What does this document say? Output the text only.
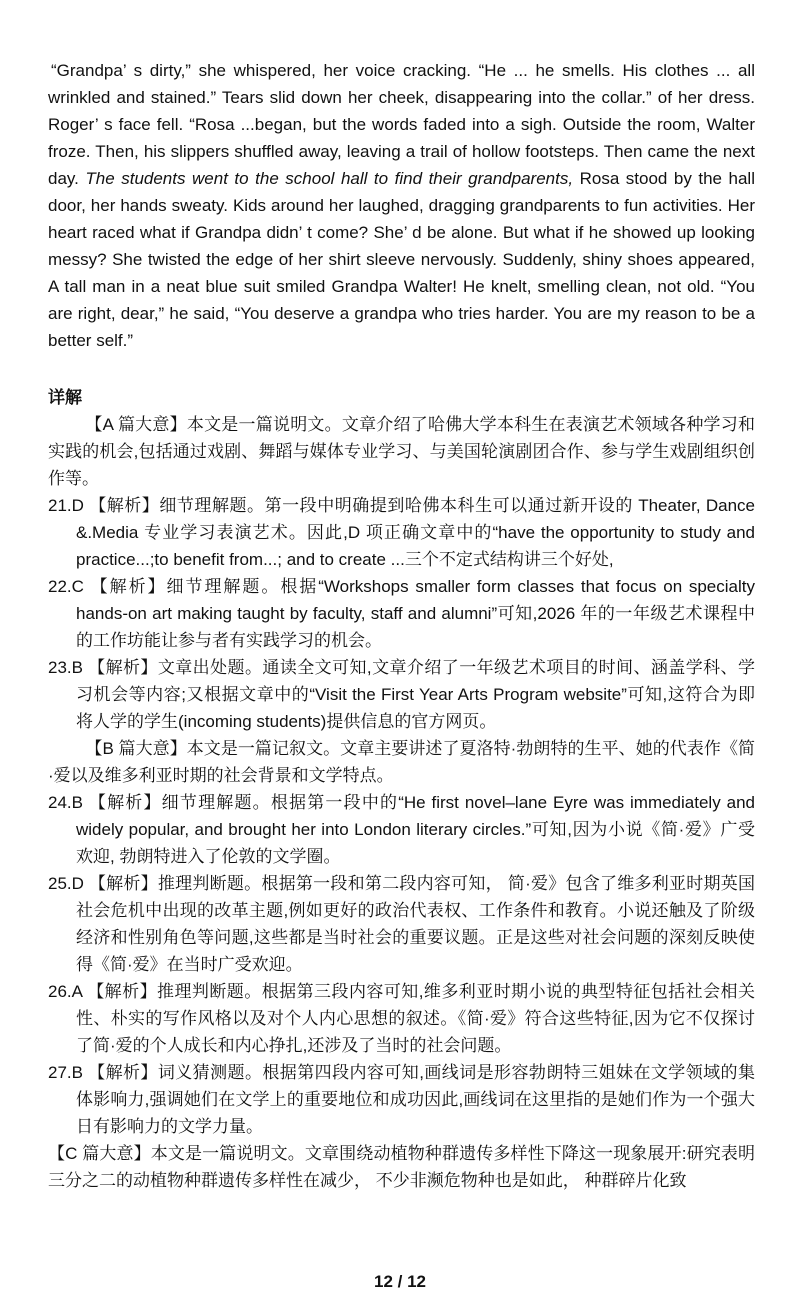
“Grandpa’ s dirty,” she whispered, her voice cracking. “He ... he smells. His clothes ... all wrinkled and stained.” Tears slid down her cheek, disappearing into the collar.” of her dress. Roger’ s face fell. “Rosa ...began, but the words faded into a sigh. Outside the room, Walter froze. Then, his slippers shuffled away, leaving a trail of hollow footsteps. Then came the next day. The students went to the school hall to find their grandparents, Rosa stood by the hall door, her hands sweaty. Kids around her laughed, dragging grandparents to fun activities. Her heart raced what if Grandpa didn’ t come? She’ d be alone. But what if he showed up looking messy? She twisted the edge of her shirt sleeve nervously. Suddenly, shiny shoes appeared, A tall man in a neat blue suit smiled Grandpa Walter! He knelt, smelling clean, not old. “You are right, dear,” he said, “You deserve a grandpa who tries harder. You are my reason to be a better self.”

详解

【A 篇大意】本文是一篇说明文。文章介绍了哈佛大学本科生在表演艺术领域各种学习和实践的机会,包括通过戏剧、舞蹈与媒体专业学习、与美国轮演剧团合作、参与学生戏剧组织创作等。

21.D 【解析】细节理解题。第一段中明确提到哈佛本科生可以通过新开设的 Theater, Dance &.Media 专业学习表演艺术。因此,D 项正确文章中的“have the opportunity to study and practice...;to benefit from...; and to create ...三个不定式结构讲三个好处,

22.C 【解析】细节理解题。根据“Workshops smaller form classes that focus on specialty hands-on art making taught by faculty, staff and alumni”可知,2026 年的一年级艺术课程中的工作坊能让参与者有实践学习的机会。

23.B 【解析】文章出处题。通读全文可知,文章介绍了一年级艺术项目的时间、涵盖学科、学习机会等内容;又根据文章中的“Visit the First Year Arts Program website”可知,这符合为即将人学的学生(incoming students)提供信息的官方网页。

【B 篇大意】本文是一篇记叙文。文章主要讲述了夏洛特·勃朗特的生平、她的代表作《简·爱以及维多利亚时期的社会背景和文学特点。

24.B 【解析】细节理解题。根据第一段中的“He first novel–lane Eyre was immediately and widely popular, and brought her into London literary circles.”可知,因为小说《简·爱》广受欢迎, 勃朗特进入了伦敦的文学圈。

25.D 【解析】推理判断题。根据第一段和第二段内容可知， 简·爱》包含了维多利亚时期英国社会危机中出现的改革主题,例如更好的政治代表权、工作条件和教育。小说还触及了阶级经济和性别角色等问题,这些都是当时社会的重要议题。正是这些对社会问题的深刻反映使得《简·爱》在当时广受欢迎。

26.A 【解析】推理判断题。根据第三段内容可知,维多利亚时期小说的典型特征包括社会相关性、朴实的写作风格以及对个人内心思想的叙述。《简·爱》符合这些特征,因为它不仅探讨了简·爱的个人成长和内心挣扎,还涉及了当时的社会问题。

27.B 【解析】词义猜测题。根据第四段内容可知,画线词是形容勃朗特三姐妹在文学领域的集体影响力,强调她们在文学上的重要地位和成功因此,画线词在这里指的是她们作为一个强大日有影响力的文学力量。

【C 篇大意】本文是一篇说明文。文章围绕动植物种群遗传多样性下降这一现象展开:研究表明三分之二的动植物种群遗传多样性在减少， 不少非濒危物种也是如此， 种群碎片化致

12 / 12
